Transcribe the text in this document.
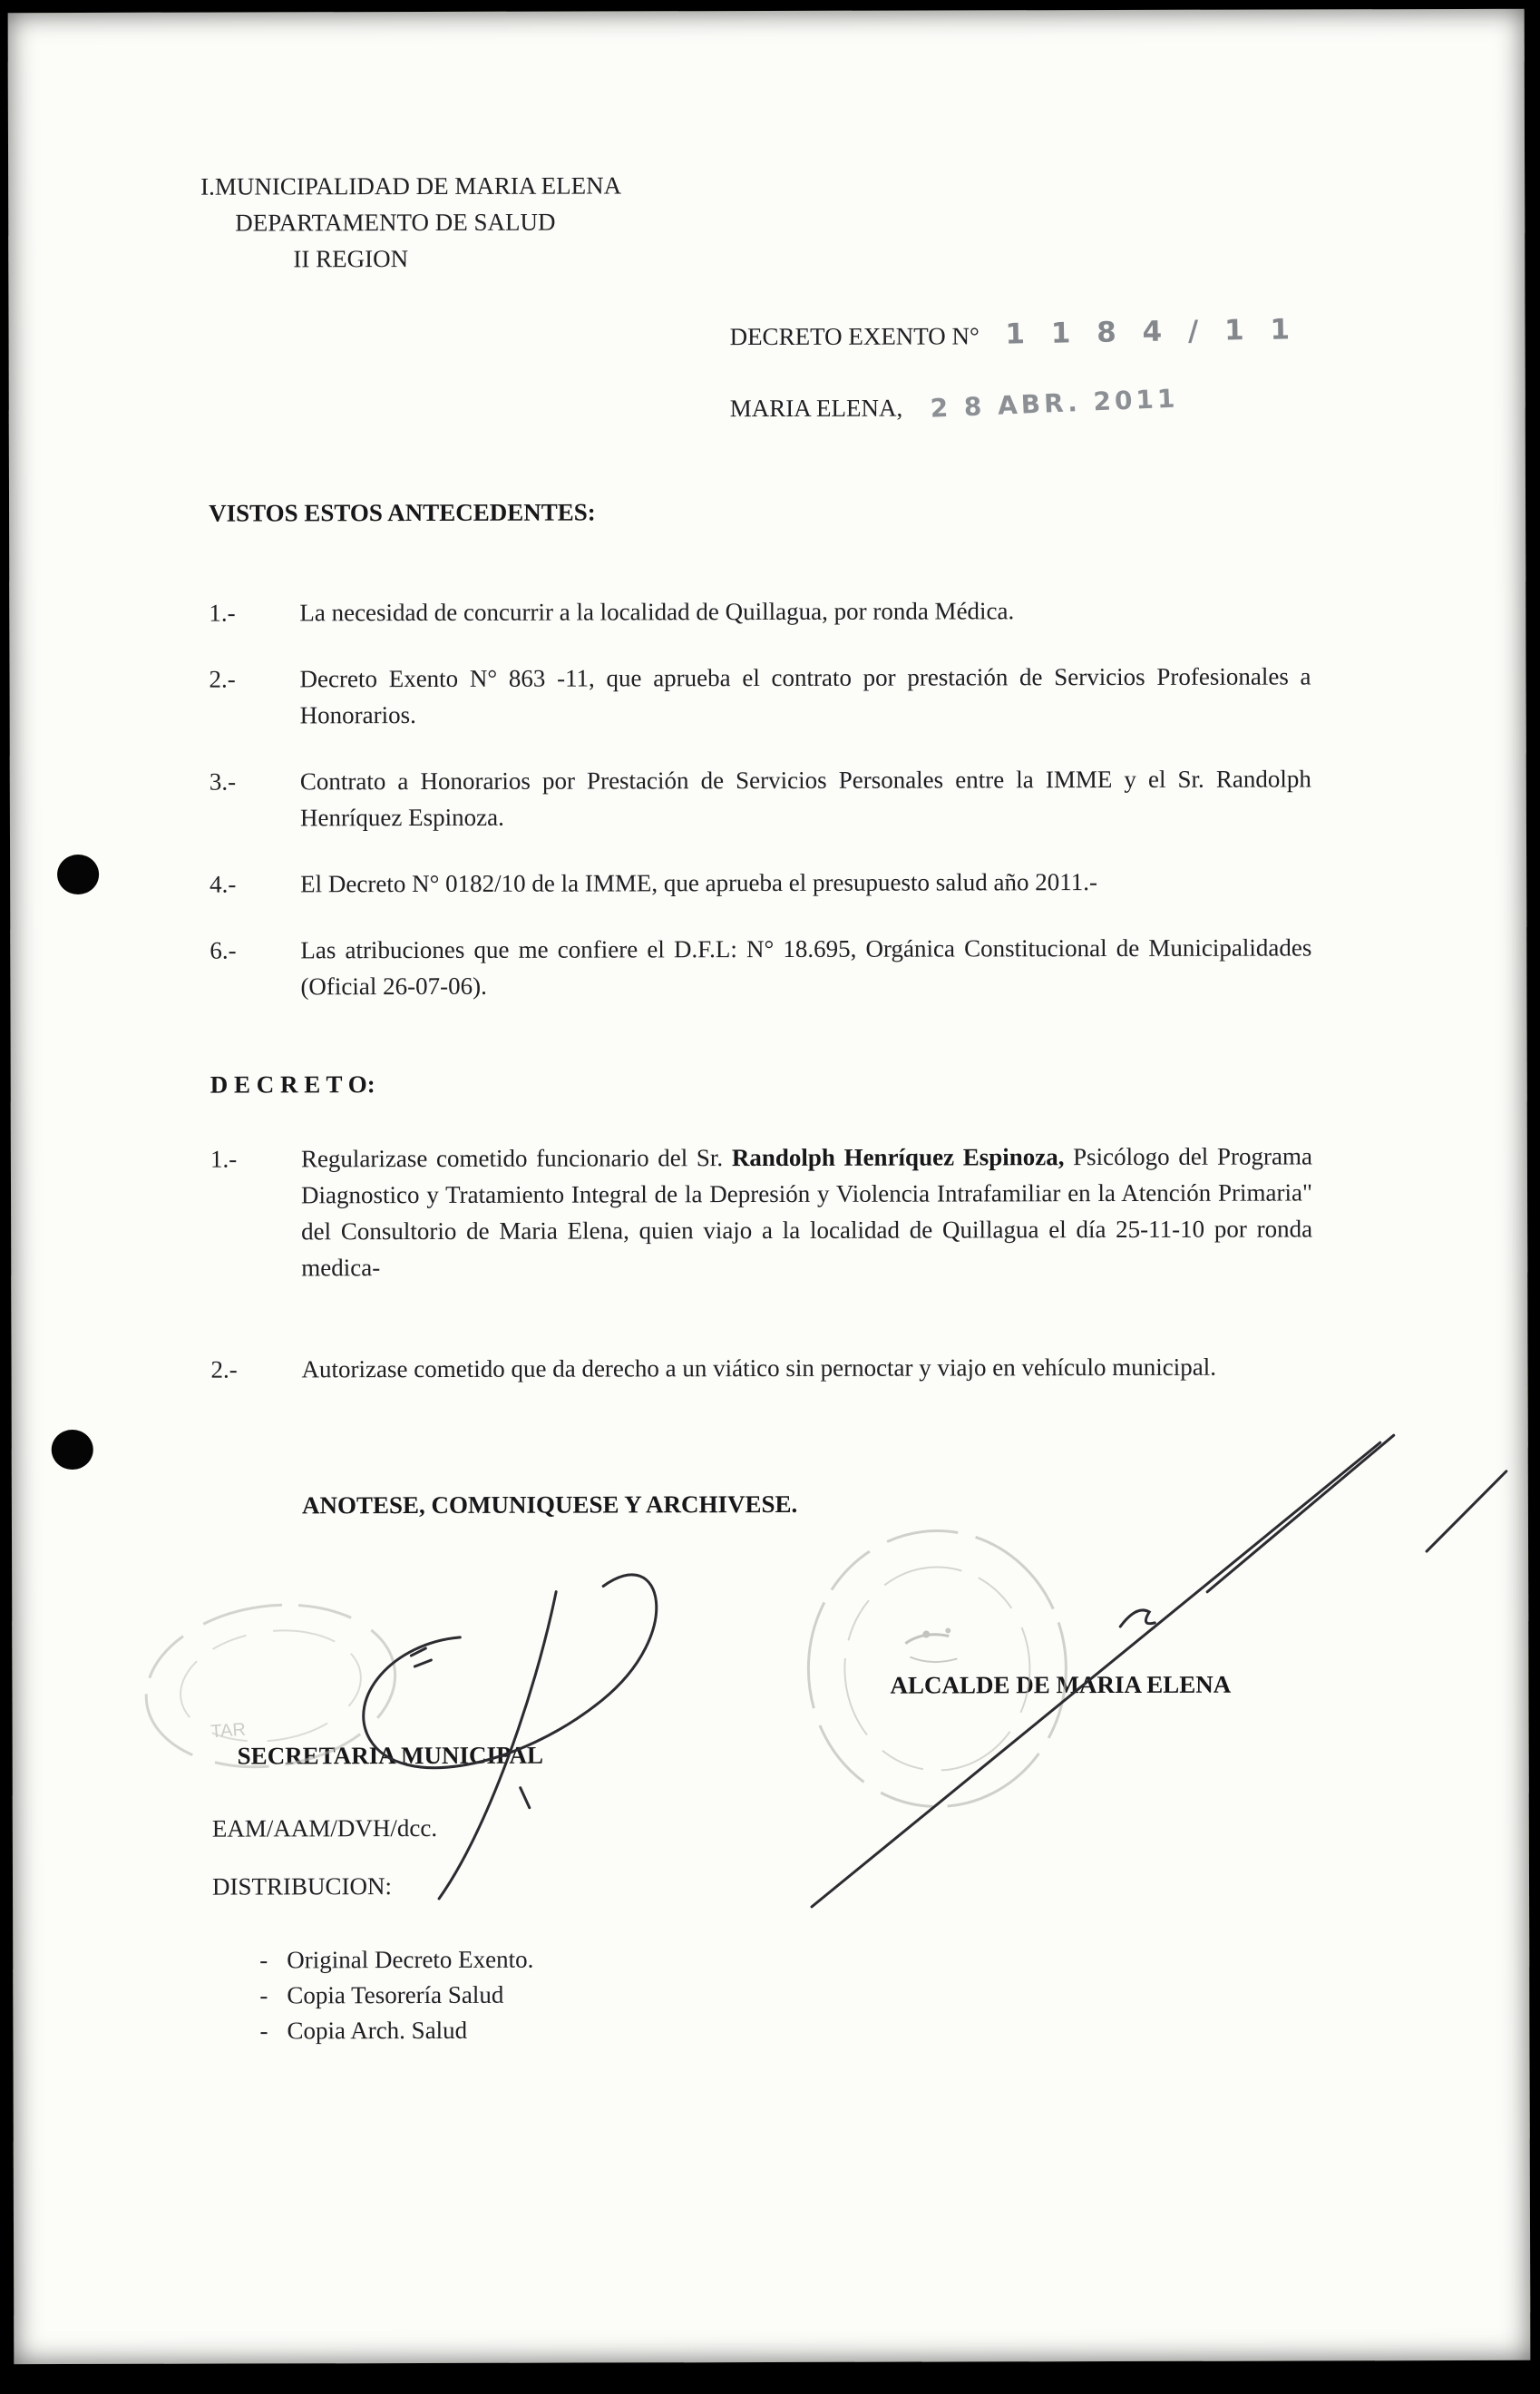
I.MUNICIPALIDAD DE MARIA ELENA
DEPARTAMENTO DE SALUD
II REGION
DECRETO EXENTO N° 1 1 8 4 / 1 1
MARIA ELENA, 2 8 ABR. 2011
VISTOS ESTOS ANTECEDENTES:
1.-	La necesidad de concurrir a la localidad de Quillagua, por ronda Médica.
2.-	Decreto Exento N° 863 -11, que aprueba el contrato por prestación de Servicios Profesionales a Honorarios.
3.-	Contrato a Honorarios por Prestación de Servicios Personales entre la IMME y el Sr. Randolph Henríquez Espinoza.
4.-	El Decreto N° 0182/10 de la IMME, que aprueba el presupuesto salud año 2011.-
6.-	Las atribuciones que me confiere el D.F.L: N° 18.695, Orgánica Constitucional de Municipalidades (Oficial 26-07-06).
D E C R E T O:
1.-	Regularizase cometido funcionario del Sr. Randolph Henríquez Espinoza, Psicólogo del Programa Diagnostico y Tratamiento Integral de la Depresión y Violencia Intrafamiliar en la Atención Primaria" del Consultorio de Maria Elena, quien viajo a la localidad de Quillagua el día 25-11-10 por ronda medica-
2.-	Autorizase cometido que da derecho a un viático sin pernoctar y viajo en vehículo municipal.
ANOTESE, COMUNIQUESE Y ARCHIVESE.
ALCALDE DE MARIA ELENA
SECRETARIA MUNICIPAL
EAM/AAM/DVH/dcc.
DISTRIBUCION:
- Original Decreto Exento.
- Copia Tesorería Salud
- Copia Arch. Salud
TAR
